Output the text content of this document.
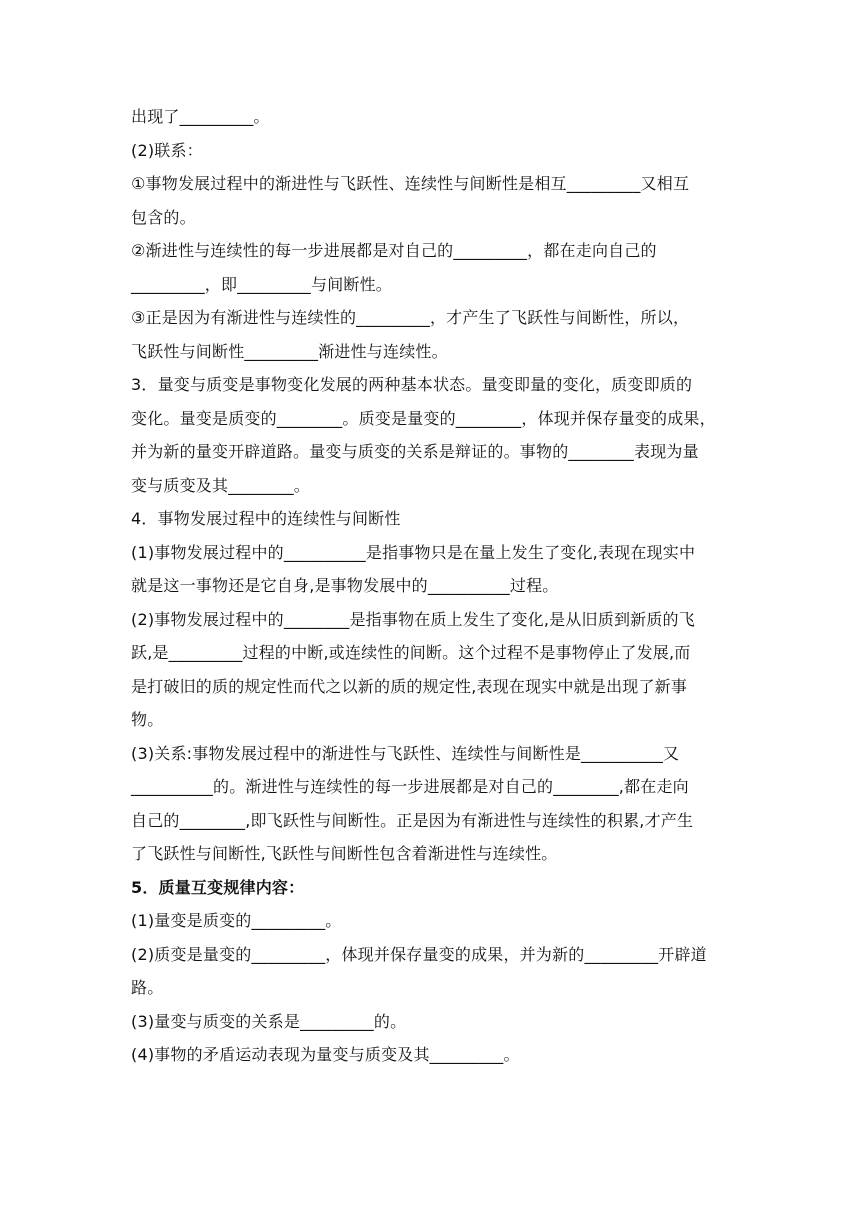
出现了_________。
(2)联系：
①事物发展过程中的渐进性与飞跃性、连续性与间断性是相互_________又相互
包含的。
②渐进性与连续性的每一步进展都是对自己的_________，都在走向自己的
_________，即_________与间断性。
③正是因为有渐进性与连续性的_________，才产生了飞跃性与间断性，所以，
飞跃性与间断性_________渐进性与连续性。
3．量变与质变是事物变化发展的两种基本状态。量变即量的变化，质变即质的
变化。量变是质变的________。质变是量变的________，体现并保存量变的成果，
并为新的量变开辟道路。量变与质变的关系是辩证的。事物的________表现为量
变与质变及其________。
4．事物发展过程中的连续性与间断性
(1)事物发展过程中的__________是指事物只是在量上发生了变化,表现在现实中
就是这一事物还是它自身,是事物发展中的__________过程。
(2)事物发展过程中的________是指事物在质上发生了变化,是从旧质到新质的飞
跃,是_________过程的中断,或连续性的间断。这个过程不是事物停止了发展,而
是打破旧的质的规定性而代之以新的质的规定性,表现在现实中就是出现了新事
物。
(3)关系:事物发展过程中的渐进性与飞跃性、连续性与间断性是__________又
__________的。渐进性与连续性的每一步进展都是对自己的________,都在走向
自己的________,即飞跃性与间断性。正是因为有渐进性与连续性的积累,才产生
了飞跃性与间断性,飞跃性与间断性包含着渐进性与连续性。
5．质量互变规律内容：
(1)量变是质变的_________。
(2)质变是量变的_________，体现并保存量变的成果，并为新的_________开辟道
路。
(3)量变与质变的关系是_________的。
(4)事物的矛盾运动表现为量变与质变及其_________。
